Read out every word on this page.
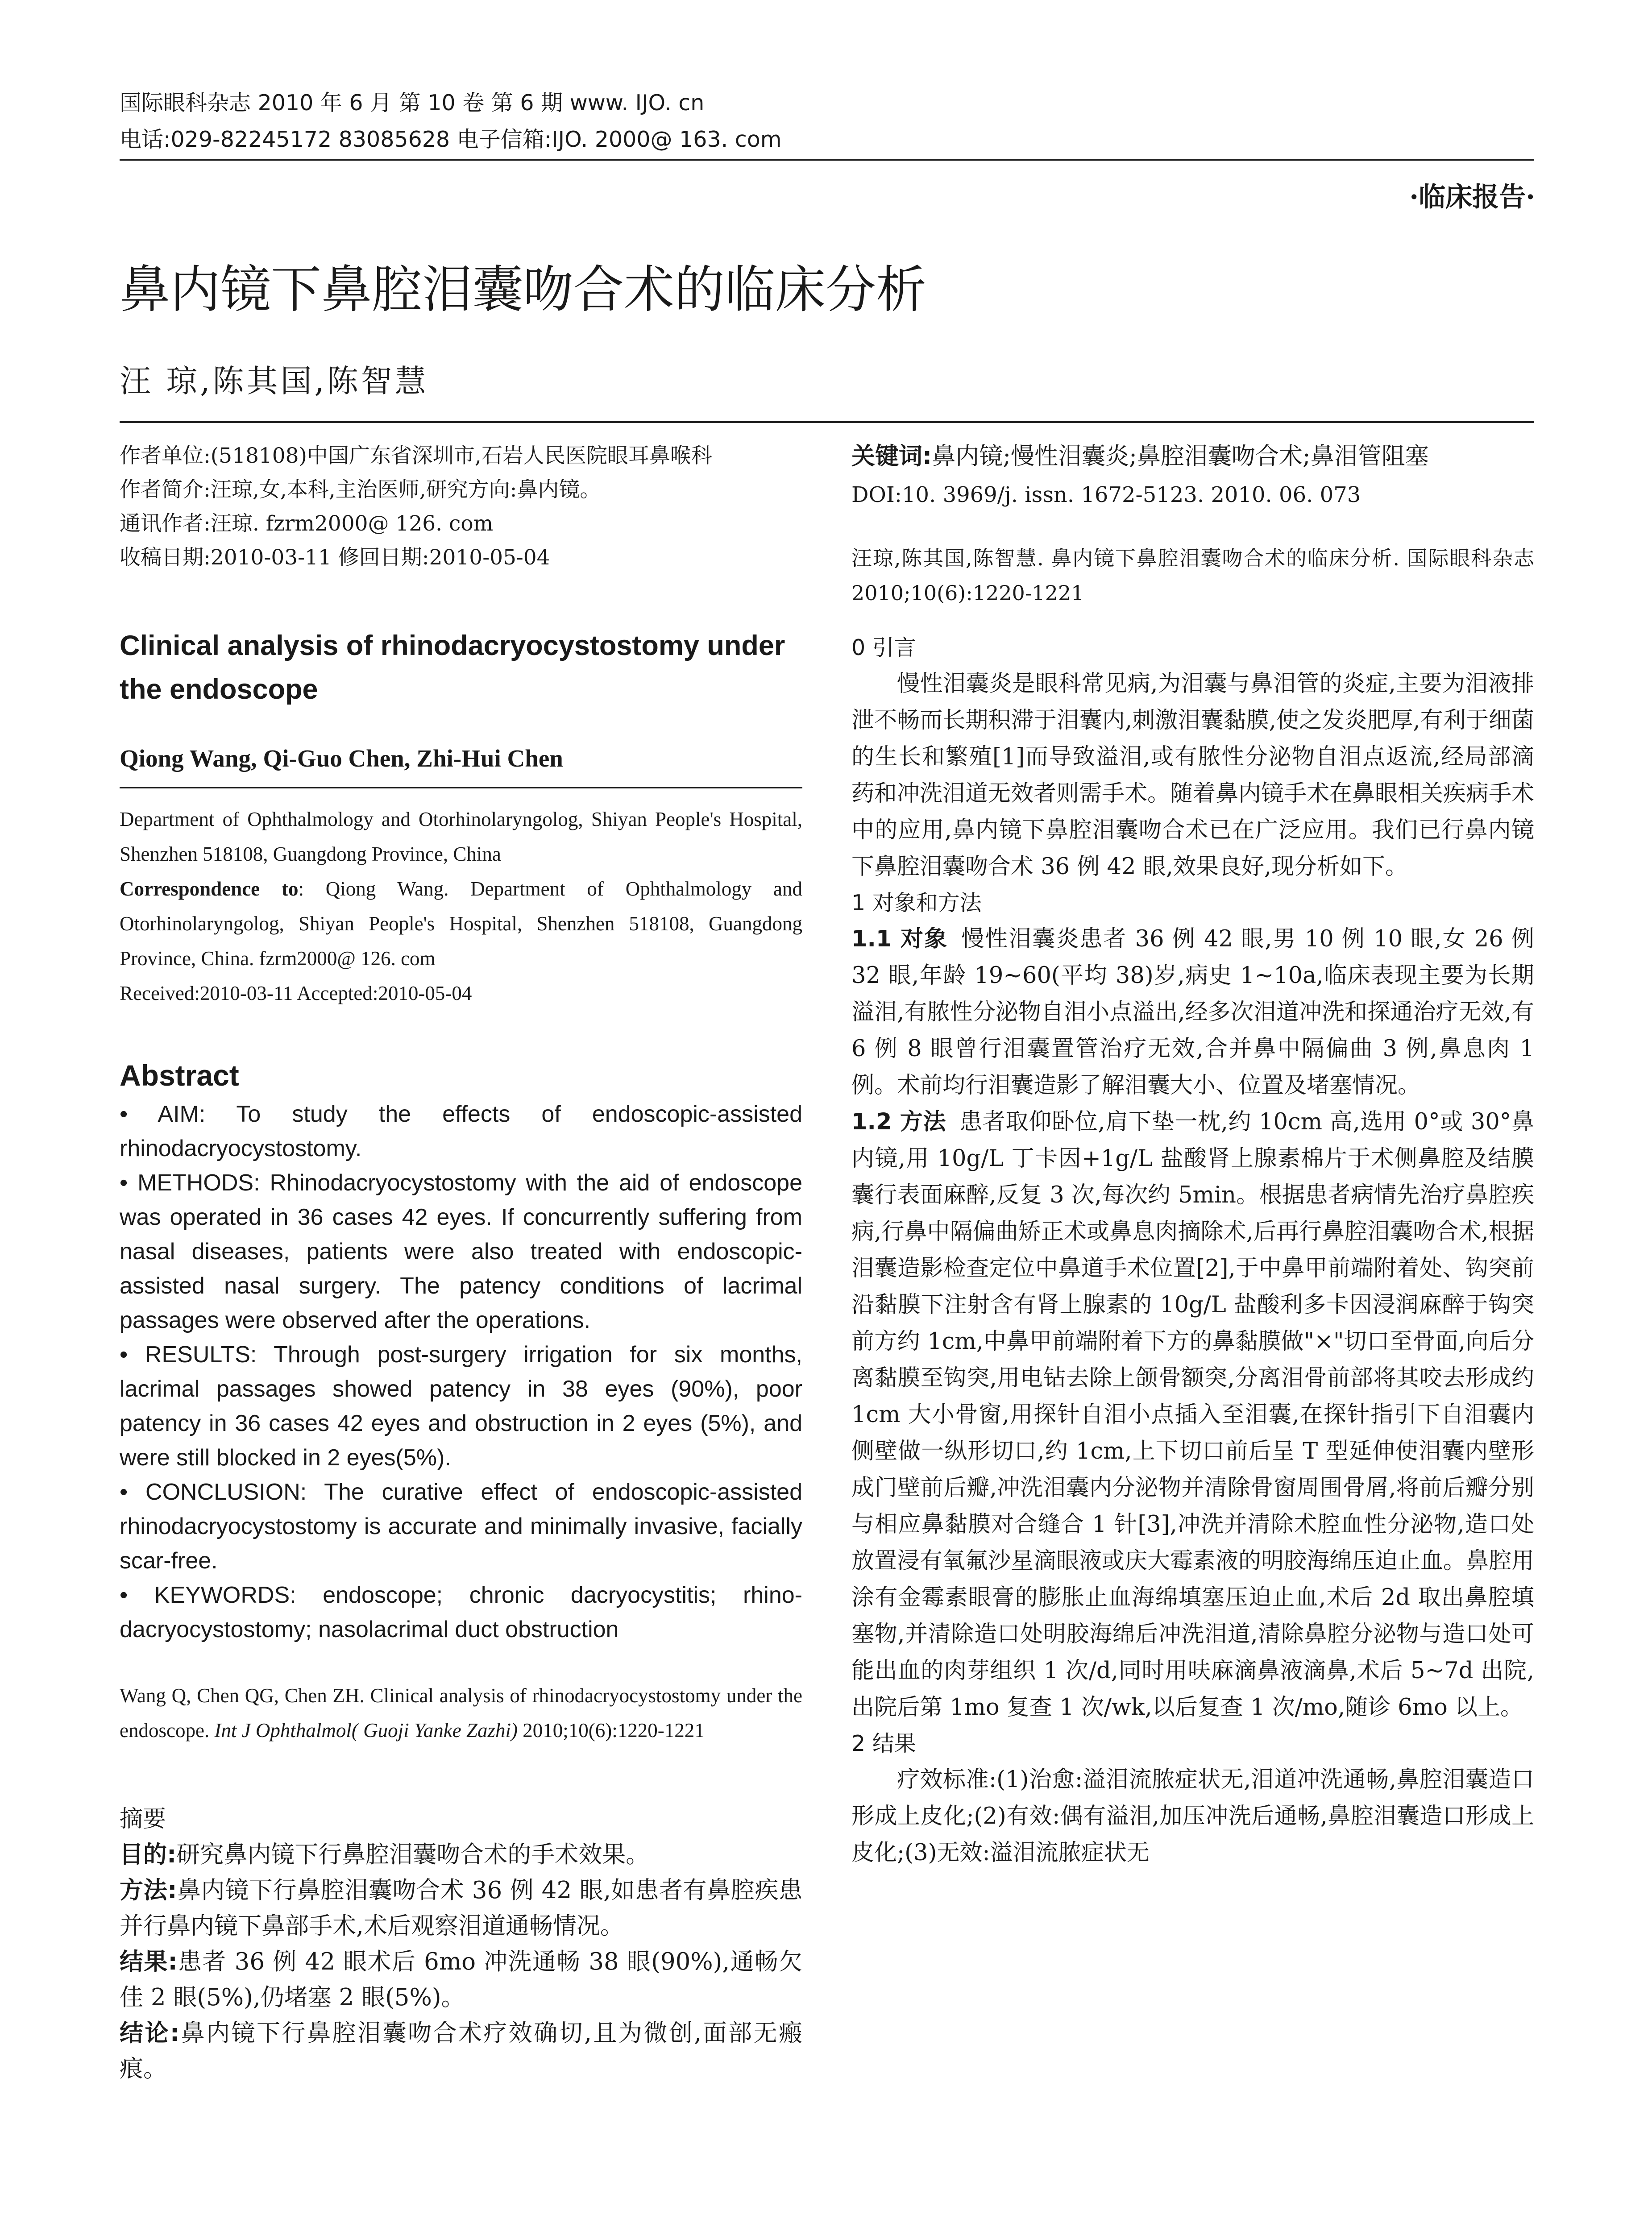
国际眼科杂志 2010 年 6 月 第 10 卷 第 6 期 www. IJO. cn
电话:029-82245172 83085628 电子信箱:IJO. 2000@ 163. com
·临床报告·
鼻内镜下鼻腔泪囊吻合术的临床分析
汪 琼,陈其国,陈智慧

作者单位:(518108)中国广东省深圳市,石岩人民医院眼耳鼻喉科

作者简介:汪琼,女,本科,主治医师,研究方向:鼻内镜。

通讯作者:汪琼. fzrm2000@ 126. com

收稿日期:2010-03-11 修回日期:2010-05-04

Clinical analysis of rhinodacryocystostomy under the endoscope
Qiong Wang, Qi-Guo Chen, Zhi-Hui Chen

Department of Ophthalmology and Otorhinolaryngolog, Shiyan People's Hospital, Shenzhen 518108, Guangdong Province, China

Correspondence to: Qiong Wang. Department of Ophthalmology and Otorhinolaryngolog, Shiyan People's Hospital, Shenzhen 518108, Guangdong Province, China. fzrm2000@ 126. com

Received:2010-03-11 Accepted:2010-05-04

Abstract

• AIM: To study the effects of endoscopic-assisted rhinodacryocystostomy.

• METHODS: Rhinodacryocystostomy with the aid of endoscope was operated in 36 cases 42 eyes. If concurrently suffering from nasal diseases, patients were also treated with endoscopic-assisted nasal surgery. The patency conditions of lacrimal passages were observed after the operations.

• RESULTS: Through post-surgery irrigation for six months, lacrimal passages showed patency in 38 eyes (90%), poor patency in 36 cases 42 eyes and obstruction in 2 eyes (5%), and were still blocked in 2 eyes(5%).

• CONCLUSION: The curative effect of endoscopic-assisted rhinodacryocystostomy is accurate and minimally invasive, facially scar-free.

• KEYWORDS: endoscope; chronic dacryocystitis; rhino-dacryocystostomy; nasolacrimal duct obstruction

Wang Q, Chen QG, Chen ZH. Clinical analysis of rhinodacryocystostomy under the endoscope. Int J Ophthalmol( Guoji Yanke Zazhi) 2010;10(6):1220-1221
摘要

目的:研究鼻内镜下行鼻腔泪囊吻合术的手术效果。

方法:鼻内镜下行鼻腔泪囊吻合术 36 例 42 眼,如患者有鼻腔疾患并行鼻内镜下鼻部手术,术后观察泪道通畅情况。

结果:患者 36 例 42 眼术后 6mo 冲洗通畅 38 眼(90%),通畅欠佳 2 眼(5%),仍堵塞 2 眼(5%)。

结论:鼻内镜下行鼻腔泪囊吻合术疗效确切,且为微创,面部无瘢痕。

关键词:鼻内镜;慢性泪囊炎;鼻腔泪囊吻合术;鼻泪管阻塞
DOI:10. 3969/j. issn. 1672-5123. 2010. 06. 073
汪琼,陈其国,陈智慧. 鼻内镜下鼻腔泪囊吻合术的临床分析. 国际眼科杂志 2010;10(6):1220-1221
0 引言

慢性泪囊炎是眼科常见病,为泪囊与鼻泪管的炎症,主要为泪液排泄不畅而长期积滞于泪囊内,刺激泪囊黏膜,使之发炎肥厚,有利于细菌的生长和繁殖[1]而导致溢泪,或有脓性分泌物自泪点返流,经局部滴药和冲洗泪道无效者则需手术。随着鼻内镜手术在鼻眼相关疾病手术中的应用,鼻内镜下鼻腔泪囊吻合术已在广泛应用。我们已行鼻内镜下鼻腔泪囊吻合术 36 例 42 眼,效果良好,现分析如下。

1 对象和方法

1.1 对象 慢性泪囊炎患者 36 例 42 眼,男 10 例 10 眼,女 26 例 32 眼,年龄 19~60(平均 38)岁,病史 1~10a,临床表现主要为长期溢泪,有脓性分泌物自泪小点溢出,经多次泪道冲洗和探通治疗无效,有 6 例 8 眼曾行泪囊置管治疗无效,合并鼻中隔偏曲 3 例,鼻息肉 1 例。术前均行泪囊造影了解泪囊大小、位置及堵塞情况。

1.2 方法 患者取仰卧位,肩下垫一枕,约 10cm 高,选用 0°或 30°鼻内镜,用 10g/L 丁卡因+1g/L 盐酸肾上腺素棉片于术侧鼻腔及结膜囊行表面麻醉,反复 3 次,每次约 5min。根据患者病情先治疗鼻腔疾病,行鼻中隔偏曲矫正术或鼻息肉摘除术,后再行鼻腔泪囊吻合术,根据泪囊造影检查定位中鼻道手术位置[2],于中鼻甲前端附着处、钩突前沿黏膜下注射含有肾上腺素的 10g/L 盐酸利多卡因浸润麻醉于钩突前方约 1cm,中鼻甲前端附着下方的鼻黏膜做"×"切口至骨面,向后分离黏膜至钩突,用电钻去除上颌骨额突,分离泪骨前部将其咬去形成约 1cm 大小骨窗,用探针自泪小点插入至泪囊,在探针指引下自泪囊内侧壁做一纵形切口,约 1cm,上下切口前后呈 T 型延伸使泪囊内壁形成门壁前后瓣,冲洗泪囊内分泌物并清除骨窗周围骨屑,将前后瓣分别与相应鼻黏膜对合缝合 1 针[3],冲洗并清除术腔血性分泌物,造口处放置浸有氧氟沙星滴眼液或庆大霉素液的明胶海绵压迫止血。鼻腔用涂有金霉素眼膏的膨胀止血海绵填塞压迫止血,术后 2d 取出鼻腔填塞物,并清除造口处明胶海绵后冲洗泪道,清除鼻腔分泌物与造口处可能出血的肉芽组织 1 次/d,同时用呋麻滴鼻液滴鼻,术后 5~7d 出院,出院后第 1mo 复查 1 次/wk,以后复查 1 次/mo,随诊 6mo 以上。

2 结果

疗效标准:(1)治愈:溢泪流脓症状无,泪道冲洗通畅,鼻腔泪囊造口形成上皮化;(2)有效:偶有溢泪,加压冲洗后通畅,鼻腔泪囊造口形成上皮化;(3)无效:溢泪流脓症状无
